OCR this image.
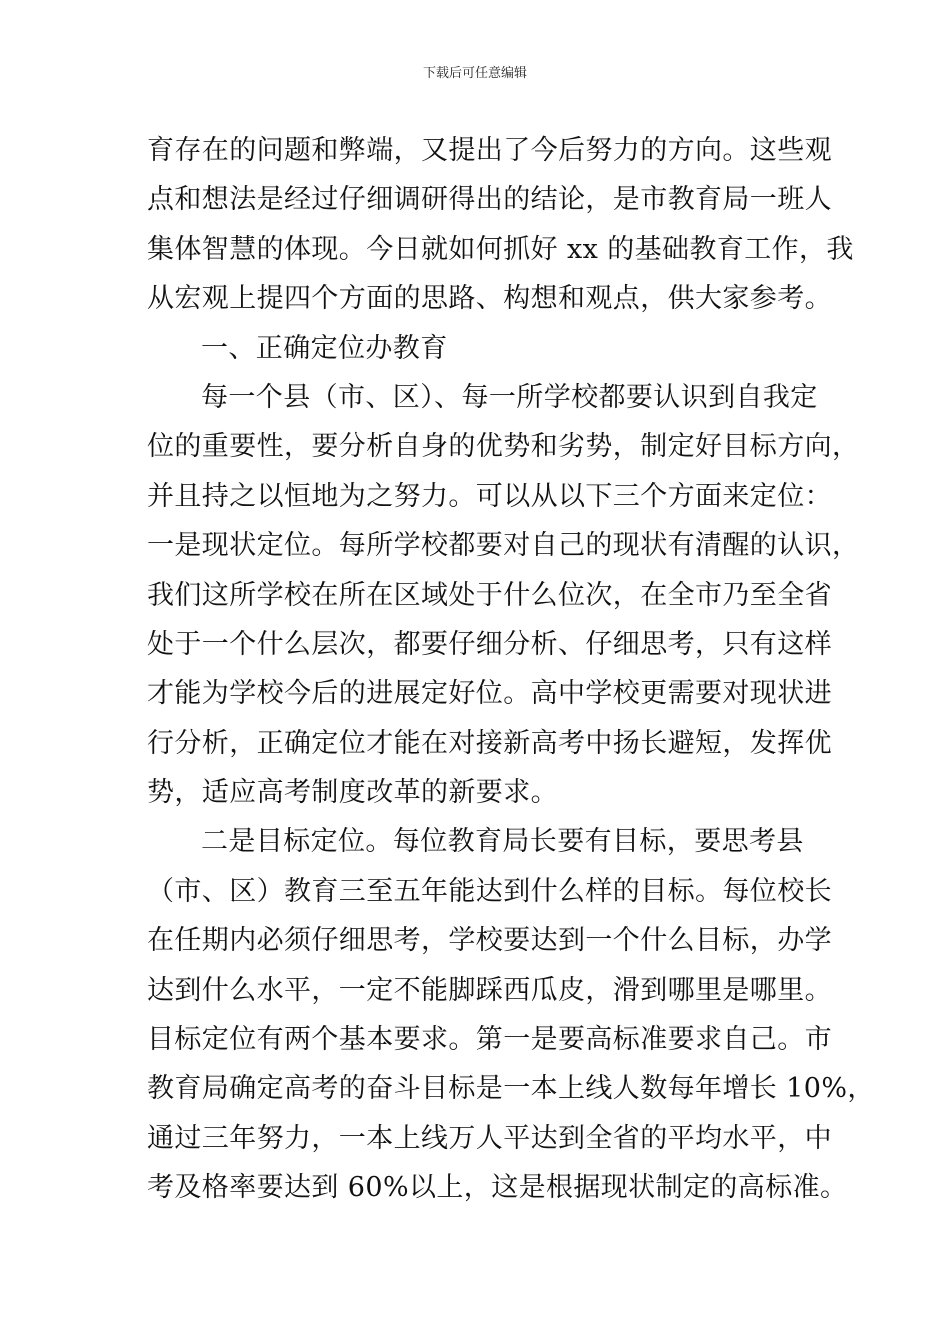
下载后可任意编辑
育存在的问题和弊端，又提出了今后努力的方向。这些观
点和想法是经过仔细调研得出的结论，是市教育局一班人
集体智慧的体现。今日就如何抓好 xx 的基础教育工作，我
从宏观上提四个方面的思路、构想和观点，供大家参考。
一、正确定位办教育
每一个县（市、区）、每一所学校都要认识到自我定
位的重要性，要分析自身的优势和劣势，制定好目标方向，
并且持之以恒地为之努力。可以从以下三个方面来定位：
一是现状定位。每所学校都要对自己的现状有清醒的认识，
我们这所学校在所在区域处于什么位次，在全市乃至全省
处于一个什么层次，都要仔细分析、仔细思考，只有这样
才能为学校今后的进展定好位。高中学校更需要对现状进
行分析，正确定位才能在对接新高考中扬长避短，发挥优
势，适应高考制度改革的新要求。
二是目标定位。每位教育局长要有目标，要思考县
（市、区）教育三至五年能达到什么样的目标。每位校长
在任期内必须仔细思考，学校要达到一个什么目标，办学
达到什么水平，一定不能脚踩西瓜皮，滑到哪里是哪里。
目标定位有两个基本要求。第一是要高标准要求自己。市
教育局确定高考的奋斗目标是一本上线人数每年增长 10%，
通过三年努力，一本上线万人平达到全省的平均水平，中
考及格率要达到 60%以上，这是根据现状制定的高标准。
